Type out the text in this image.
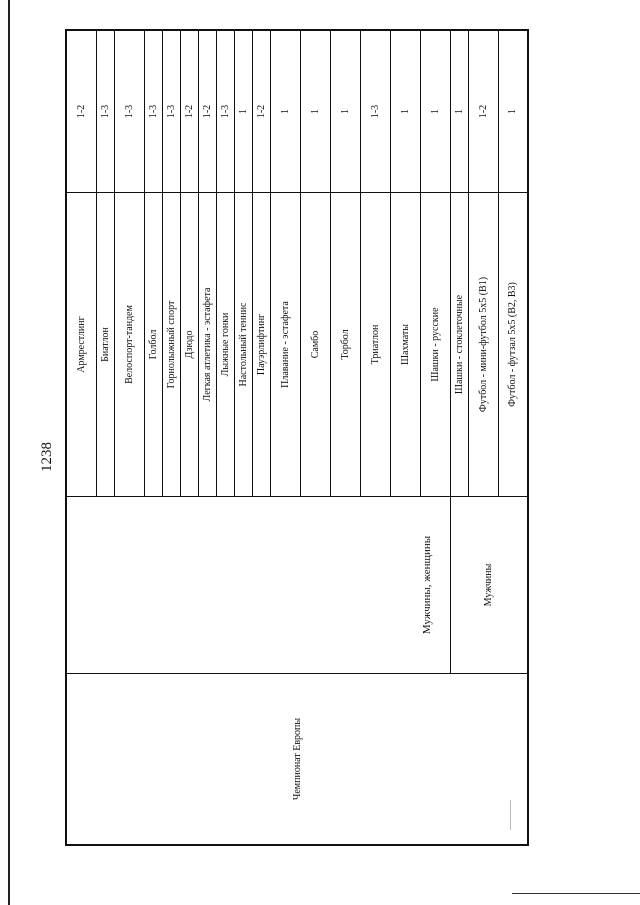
1238
Чемпионат Европы	Мужчины, женщины	Армрестлинг	1-2
		Биатлон	1-3
		Велоспорт-тандем	1-3
		Голбол	1-3
		Горнолыжный спорт	1-3
		Дзюдо	1-2
		Легкая атлетика - эстафета	1-2
		Лыжные гонки	1-3
		Настольный теннис	1
		Пауэрлифтинг	1-2
		Плавание - эстафета	1
		Самбо	1
		Торбол	1
		Триатлон	1-3
		Шахматы	1
		Шашки - русские	1
	Мужчины	Шашки - стоклеточные	1
		Футбол - мини-футбол 5x5 (B1)	1-2
		Футбол - футзал 5x5 (B2, B3)	1
